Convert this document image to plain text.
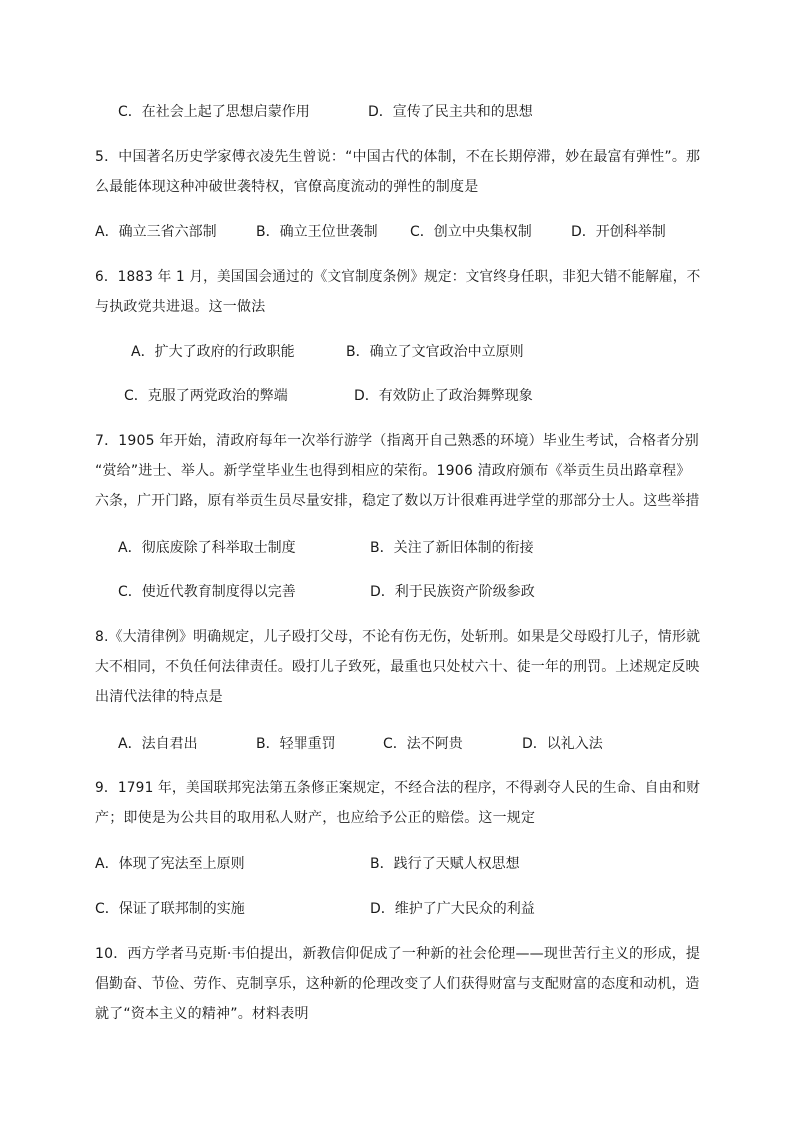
C．在社会上起了思想启蒙作用	D．宣传了民主共和的思想
5．中国著名历史学家傅衣凌先生曾说：“中国古代的体制，不在长期停滞，妙在最富有弹性”。那
么最能体现这种冲破世袭特权，官僚高度流动的弹性的制度是
A．确立三省六部制	B．确立王位世袭制 C．创立中央集权制	D．开创科举制
6．1883 年 1 月，美国国会通过的《文官制度条例》规定：文官终身任职，非犯大错不能解雇，不
与执政党共进退。这一做法
A．扩大了政府的行政职能	B．确立了文官政治中立原则
C．克服了两党政治的弊端	D．有效防止了政治舞弊现象
7．1905 年开始，清政府每年一次举行游学（指离开自己熟悉的环境）毕业生考试，合格者分别
“赏给”进士、举人。新学堂毕业生也得到相应的荣衔。1906 清政府颁布《举贡生员出路章程》
六条，广开门路，原有举贡生员尽量安排，稳定了数以万计很难再进学堂的那部分士人。这些举措
A．彻底废除了科举取士制度	B．关注了新旧体制的衔接
C．使近代教育制度得以完善	D．利于民族资产阶级参政
8.《大清律例》明确规定，儿子殴打父母，不论有伤无伤，处斩刑。如果是父母殴打儿子，情形就
大不相同，不负任何法律责任。殴打儿子致死，最重也只处杖六十、徒一年的刑罚。上述规定反映
出清代法律的特点是
A．法自君出	B．轻罪重罚	C．法不阿贵	D．以礼入法
9．1791 年，美国联邦宪法第五条修正案规定，不经合法的程序，不得剥夺人民的生命、自由和财
产；即使是为公共目的取用私人财产，也应给予公正的赔偿。这一规定
A．体现了宪法至上原则	B．践行了天赋人权思想
C．保证了联邦制的实施	D．维护了广大民众的利益
10．西方学者马克斯·韦伯提出，新教信仰促成了一种新的社会伦理——现世苦行主义的形成，提
倡勤奋、节俭、劳作、克制享乐，这种新的伦理改变了人们获得财富与支配财富的态度和动机，造
就了“资本主义的精神”。材料表明
